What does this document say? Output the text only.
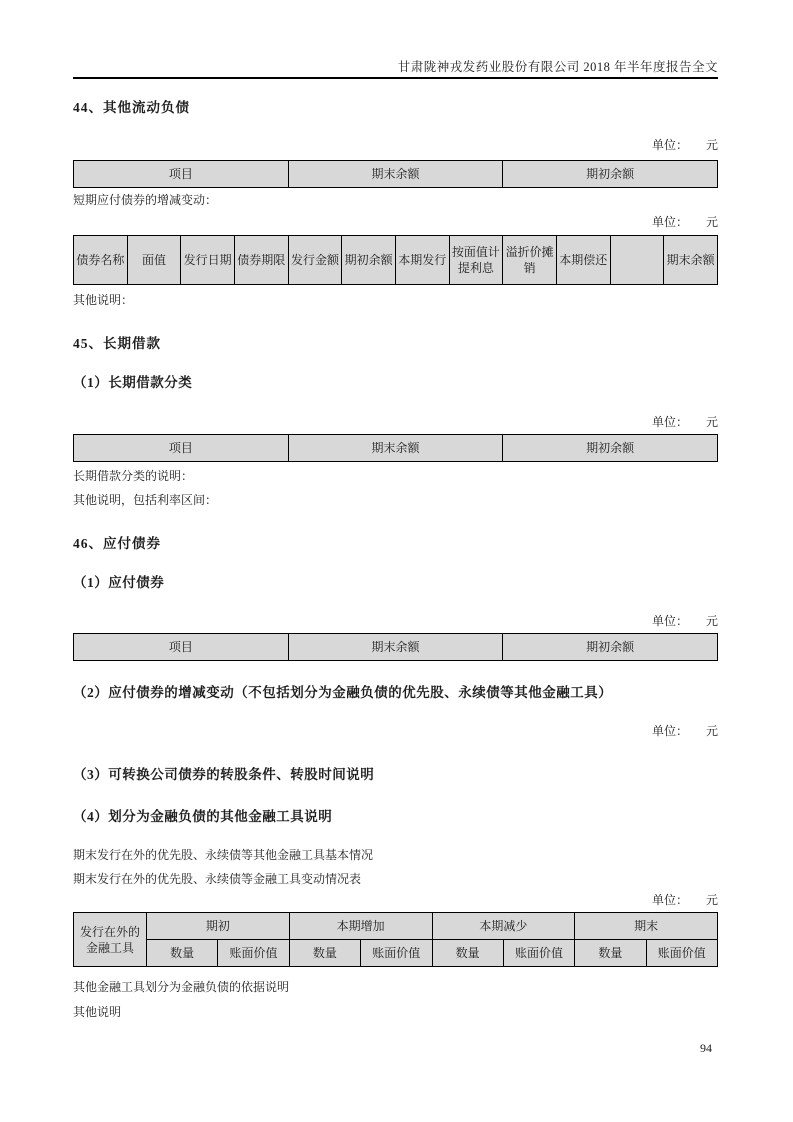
甘肃陇神戎发药业股份有限公司 2018 年半年度报告全文
44、其他流动负债
单位： 元
项目	期末余额	期初余额
短期应付债券的增减变动：
单位： 元
债券名称	面值	发行日期	债券期限	发行金额	期初余额	本期发行	按面值计提利息	溢折价摊销	本期偿还		期末余额
其他说明：
45、长期借款
（1）长期借款分类
单位： 元
项目	期末余额	期初余额
长期借款分类的说明：
其他说明，包括利率区间：
46、应付债券
（1）应付债券
单位： 元
项目	期末余额	期初余额
（2）应付债券的增减变动（不包括划分为金融负债的优先股、永续债等其他金融工具）
单位： 元
（3）可转换公司债券的转股条件、转股时间说明
（4）划分为金融负债的其他金融工具说明
期末发行在外的优先股、永续债等其他金融工具基本情况
期末发行在外的优先股、永续债等金融工具变动情况表
单位： 元
发行在外的金融工具	期初		本期增加		本期减少		期末	
	数量	账面价值	数量	账面价值	数量	账面价值	数量	账面价值
其他金融工具划分为金融负债的依据说明
其他说明
94
